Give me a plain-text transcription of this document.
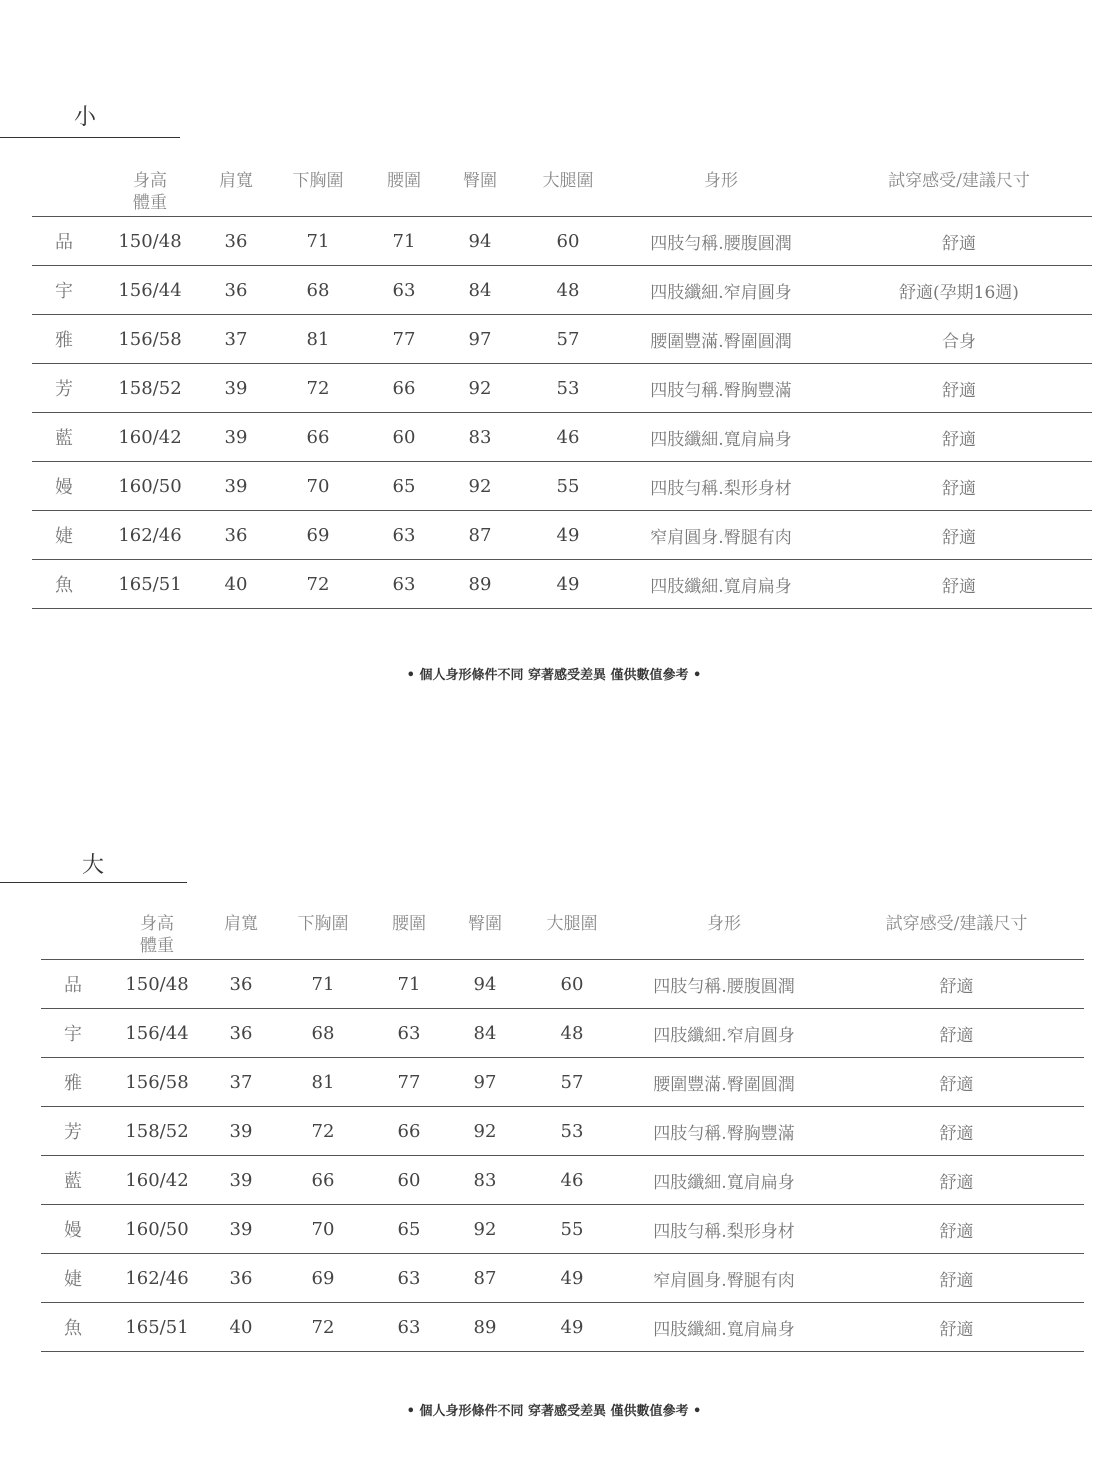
小

	身高
體重	肩寬	下胸圍	腰圍	臀圍	大腿圍	身形	試穿感受/建議尺寸
品	150/48	36	71	71	94	60	四肢勻稱.腰腹圓潤	舒適
宇	156/44	36	68	63	84	48	四肢纖細.窄肩圓身	舒適(孕期16週)
雅	156/58	37	81	77	97	57	腰圍豐滿.臀圍圓潤	合身
芳	158/52	39	72	66	92	53	四肢勻稱.臀胸豐滿	舒適
藍	160/42	39	66	60	83	46	四肢纖細.寬肩扁身	舒適
嫚	160/50	39	70	65	92	55	四肢勻稱.梨形身材	舒適
婕	162/46	36	69	63	87	49	窄肩圓身.臀腿有肉	舒適
魚	165/51	40	72	63	89	49	四肢纖細.寬肩扁身	舒適
• 個人身形條件不同 穿著感受差異 僅供數值參考 •
大

	身高
體重	肩寬	下胸圍	腰圍	臀圍	大腿圍	身形	試穿感受/建議尺寸
品	150/48	36	71	71	94	60	四肢勻稱.腰腹圓潤	舒適
宇	156/44	36	68	63	84	48	四肢纖細.窄肩圓身	舒適
雅	156/58	37	81	77	97	57	腰圍豐滿.臀圍圓潤	舒適
芳	158/52	39	72	66	92	53	四肢勻稱.臀胸豐滿	舒適
藍	160/42	39	66	60	83	46	四肢纖細.寬肩扁身	舒適
嫚	160/50	39	70	65	92	55	四肢勻稱.梨形身材	舒適
婕	162/46	36	69	63	87	49	窄肩圓身.臀腿有肉	舒適
魚	165/51	40	72	63	89	49	四肢纖細.寬肩扁身	舒適
• 個人身形條件不同 穿著感受差異 僅供數值參考 •
